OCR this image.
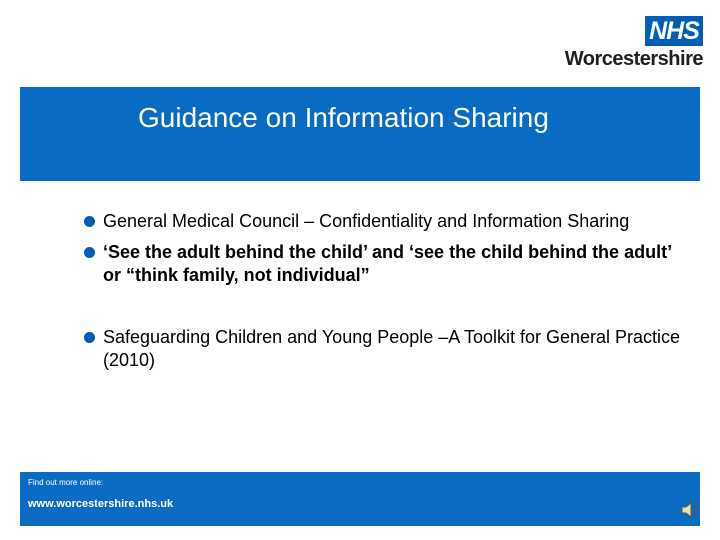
NHS
Worcestershire
Guidance on Information Sharing
General Medical Council – Confidentiality and Information Sharing
‘See the adult behind the child’ and ‘see the child behind the adult’ or “think family, not individual”
Safeguarding Children and Young People –A Toolkit for General Practice (2010)
Find out more online:
www.worcestershire.nhs.uk
